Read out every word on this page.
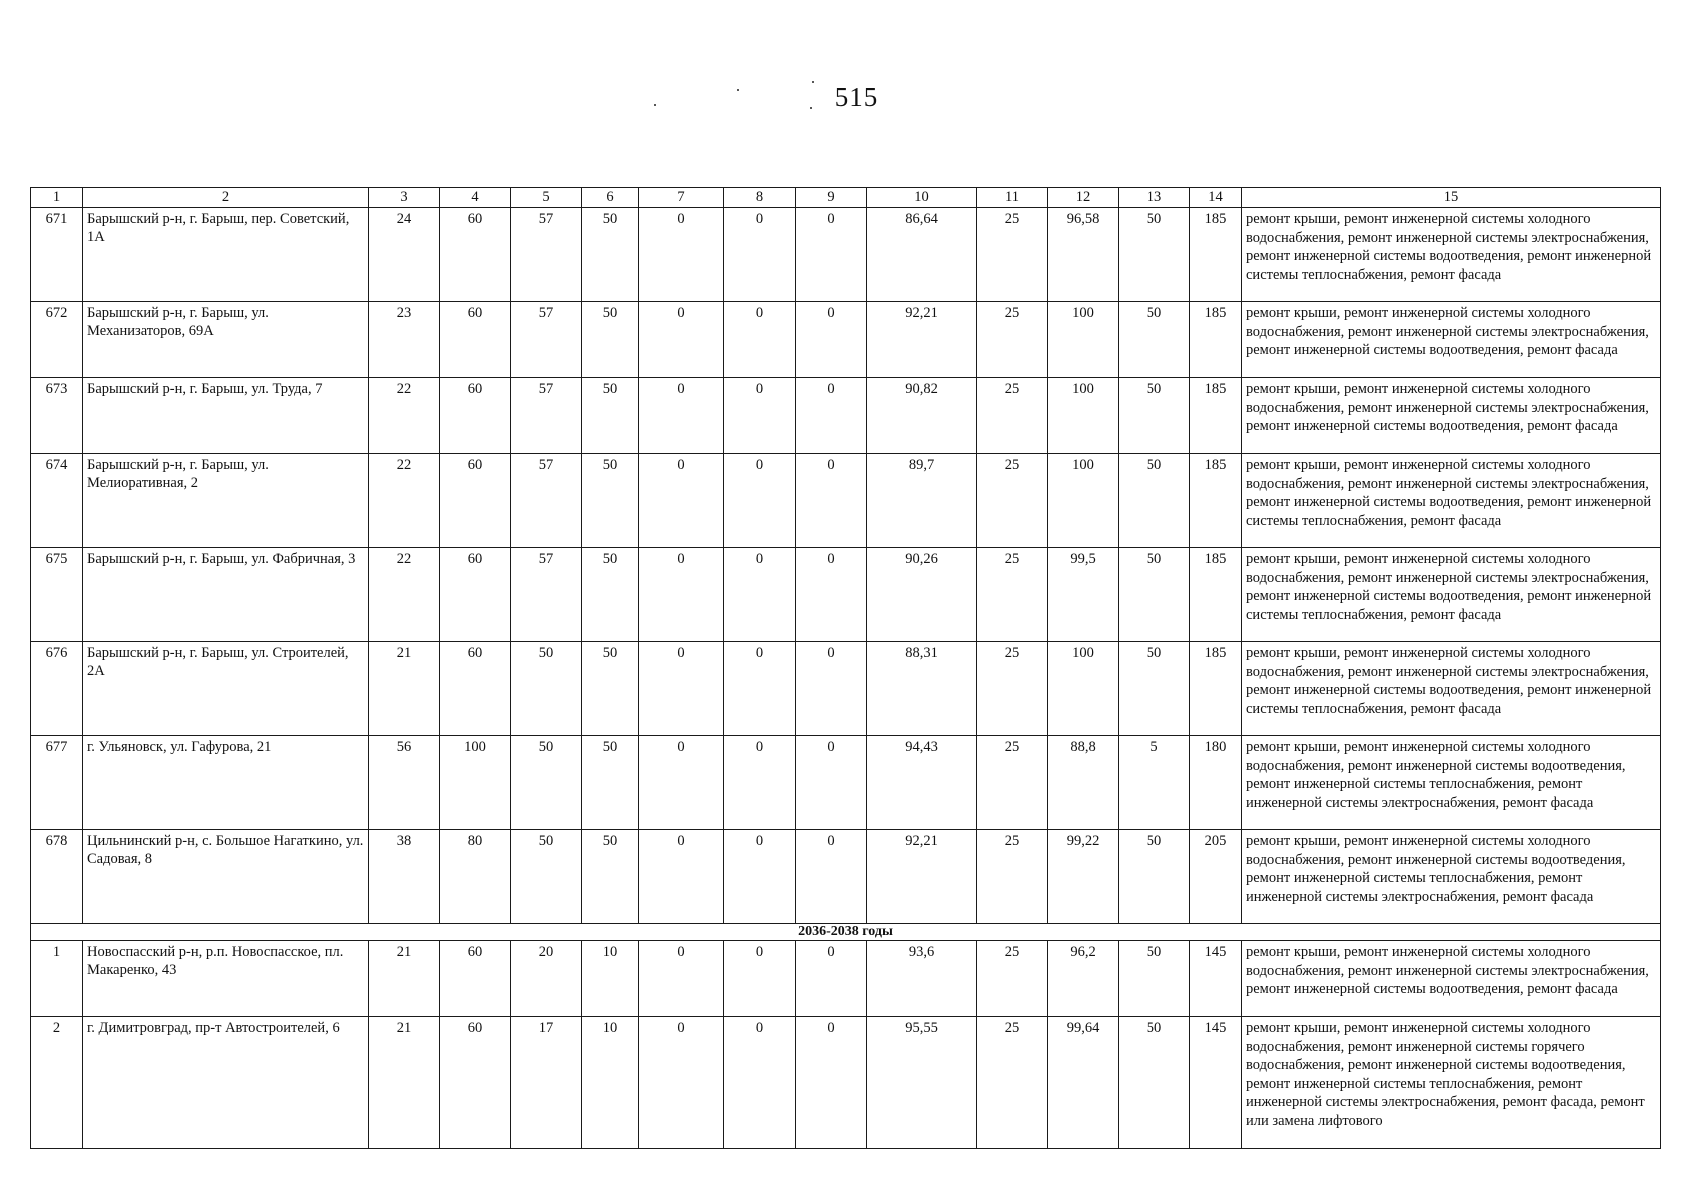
515
1	2	3	4	5	6	7	8	9	10	11	12	13	14	15
671	Барышский р-н, г. Барыш, пер. Советский, 1А	24	60	57	50	0	0	0	86,64	25	96,58	50	185	ремонт крыши, ремонт инженерной системы холодного водоснабжения, ремонт инженерной системы электроснабжения, ремонт инженерной системы водоотведения, ремонт инженерной системы теплоснабжения, ремонт фасада
672	Барышский р-н, г. Барыш, ул. Механизаторов, 69А	23	60	57	50	0	0	0	92,21	25	100	50	185	ремонт крыши, ремонт инженерной системы холодного водоснабжения, ремонт инженерной системы электроснабжения, ремонт инженерной системы водоотведения, ремонт фасада
673	Барышский р-н, г. Барыш, ул. Труда, 7	22	60	57	50	0	0	0	90,82	25	100	50	185	ремонт крыши, ремонт инженерной системы холодного водоснабжения, ремонт инженерной системы электроснабжения, ремонт инженерной системы водоотведения, ремонт фасада
674	Барышский р-н, г. Барыш, ул. Мелиоративная, 2	22	60	57	50	0	0	0	89,7	25	100	50	185	ремонт крыши, ремонт инженерной системы холодного водоснабжения, ремонт инженерной системы электроснабжения, ремонт инженерной системы водоотведения, ремонт инженерной системы теплоснабжения, ремонт фасада
675	Барышский р-н, г. Барыш, ул. Фабричная, 3	22	60	57	50	0	0	0	90,26	25	99,5	50	185	ремонт крыши, ремонт инженерной системы холодного водоснабжения, ремонт инженерной системы электроснабжения, ремонт инженерной системы водоотведения, ремонт инженерной системы теплоснабжения, ремонт фасада
676	Барышский р-н, г. Барыш, ул. Строителей, 2А	21	60	50	50	0	0	0	88,31	25	100	50	185	ремонт крыши, ремонт инженерной системы холодного водоснабжения, ремонт инженерной системы электроснабжения, ремонт инженерной системы водоотведения, ремонт инженерной системы теплоснабжения, ремонт фасада
677	г. Ульяновск, ул. Гафурова, 21	56	100	50	50	0	0	0	94,43	25	88,8	5	180	ремонт крыши, ремонт инженерной системы холодного водоснабжения, ремонт инженерной системы водоотведения, ремонт инженерной системы теплоснабжения, ремонт инженерной системы электроснабжения, ремонт фасада
678	Цильнинский р-н, с. Большое Нагаткино, ул. Садовая, 8	38	80	50	50	0	0	0	92,21	25	99,22	50	205	ремонт крыши, ремонт инженерной системы холодного водоснабжения, ремонт инженерной системы водоотведения, ремонт инженерной системы теплоснабжения, ремонт инженерной системы электроснабжения, ремонт фасада
2036-2038 годы														
1	Новоспасский р-н, р.п. Новоспасское, пл. Макаренко, 43	21	60	20	10	0	0	0	93,6	25	96,2	50	145	ремонт крыши, ремонт инженерной системы холодного водоснабжения, ремонт инженерной системы электроснабжения, ремонт инженерной системы водоотведения, ремонт фасада
2	г. Димитровград, пр-т Автостроителей, 6	21	60	17	10	0	0	0	95,55	25	99,64	50	145	ремонт крыши, ремонт инженерной системы холодного водоснабжения, ремонт инженерной системы горячего водоснабжения, ремонт инженерной системы водоотведения, ремонт инженерной системы теплоснабжения, ремонт инженерной системы электроснабжения, ремонт фасада, ремонт или замена лифтового
